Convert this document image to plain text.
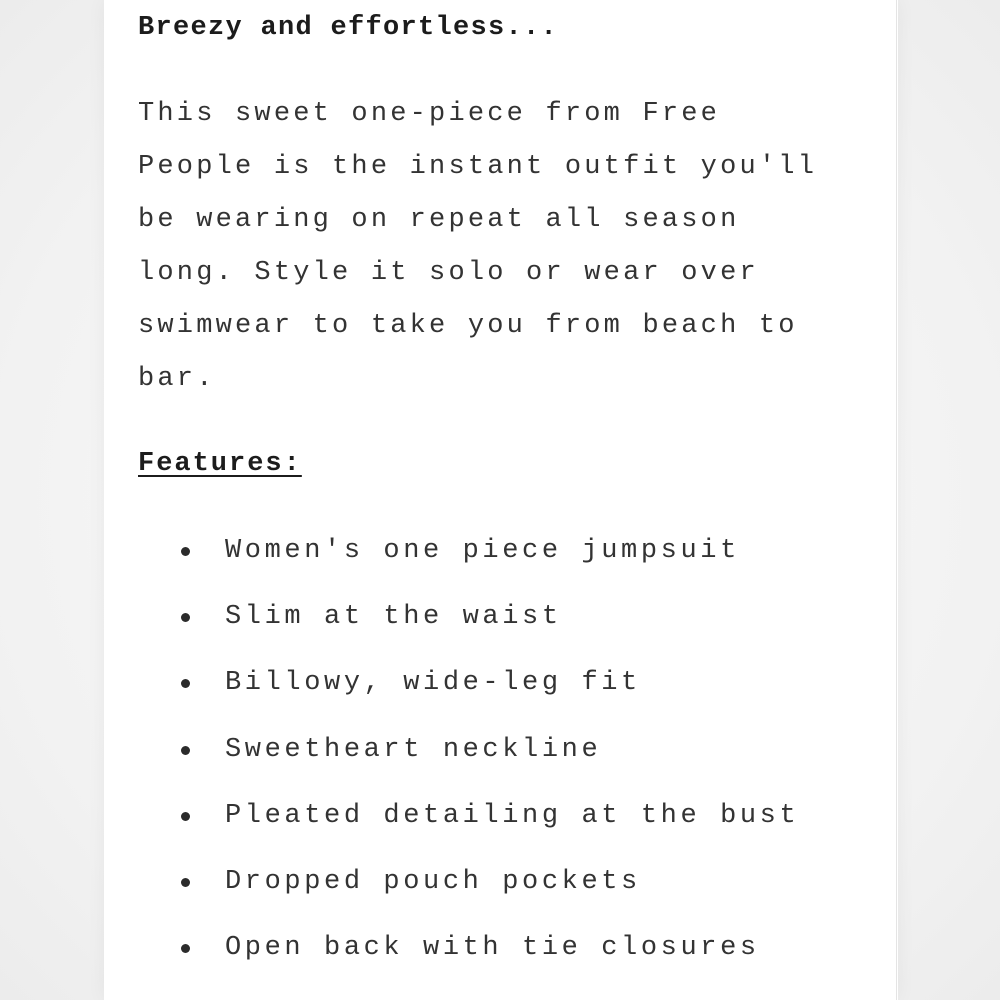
Breezy and effortless...

This sweet one-piece from Free People is the instant outfit you'll be wearing on repeat all season long. Style it solo or wear over swimwear to take you from beach to bar.

Features:
Women's one piece jumpsuit
Slim at the waist
Billowy, wide-leg fit
Sweetheart neckline
Pleated detailing at the bust
Dropped pouch pockets
Open back with tie closures
